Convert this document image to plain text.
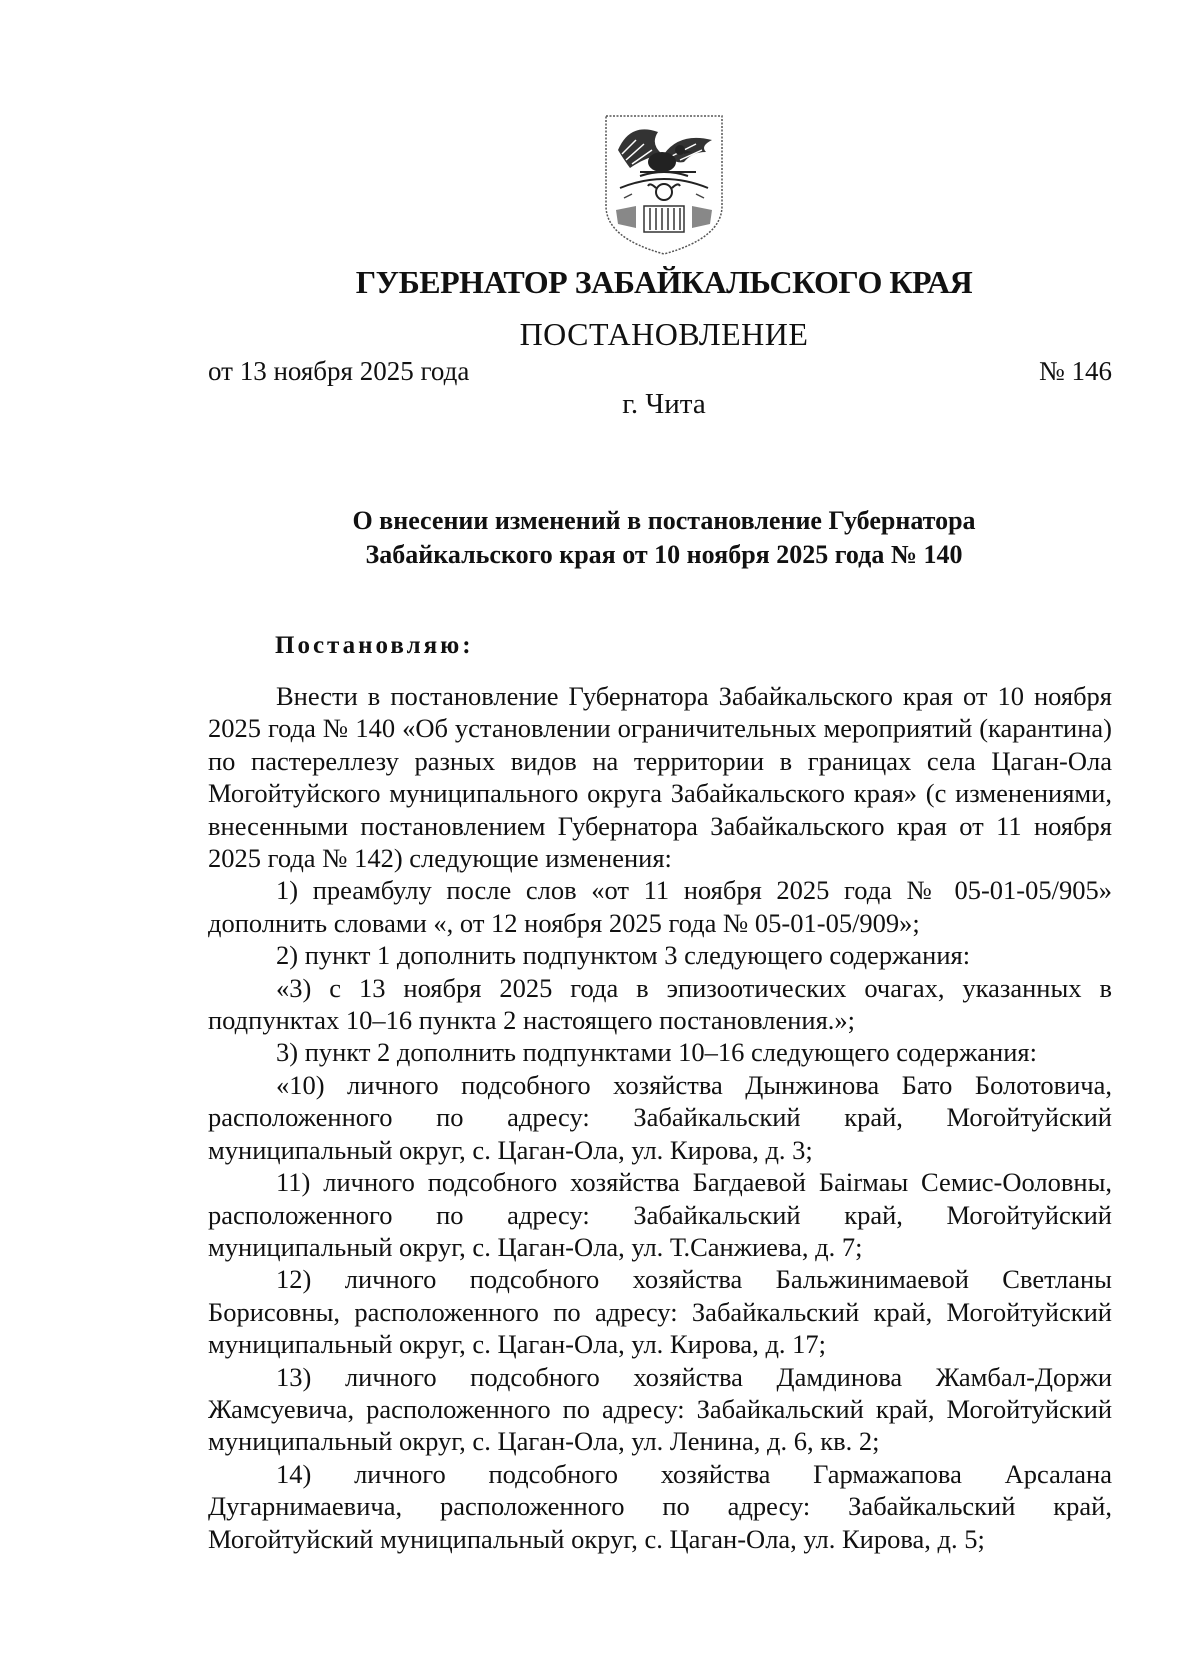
ГУБЕРНАТОР ЗАБАЙКАЛЬСКОГО КРАЯ
ПОСТАНОВЛЕНИЕ
от 13 ноября 2025 года	№ 146
г. Чита
О внесении изменений в постановление Губернатора
Забайкальского края от 10 ноября 2025 года № 140
Постановляю:

Внести в постановление Губернатора Забайкальского края от 10 ноября 2025 года № 140 «Об установлении ограничительных мероприятий (карантина) по пастереллезу разных видов на территории в границах села Цаган-Ола Могойтуйского муниципального округа Забайкальского края» (с изменениями, внесенными постановлением Губернатора Забайкальского края от 11 ноября 2025 года № 142) следующие изменения:

1) преамбулу после слов «от 11 ноября 2025 года № 05-01-05/905» дополнить словами «, от 12 ноября 2025 года № 05-01-05/909»;

2) пункт 1 дополнить подпунктом 3 следующего содержания:

«3) с 13 ноября 2025 года в эпизоотических очагах, указанных в подпунктах 10–16 пункта 2 настоящего постановления.»;

3) пункт 2 дополнить подпунктами 10–16 следующего содержания:

«10) личного подсобного хозяйства Дынжинова Бато Болотовича, расположенного по адресу: Забайкальский край, Могойтуйский муниципальный округ, с. Цаган-Ола, ул. Кирова, д. 3;

11) личного подсобного хозяйства Багдаевой Баirмаы Семис-Ооловны, расположенного по адресу: Забайкальский край, Могойтуйский муниципальный округ, с. Цаган-Ола, ул. Т.Санжиева, д. 7;

12) личного подсобного хозяйства Бальжинимаевой Светланы Борисовны, расположенного по адресу: Забайкальский край, Могойтуйский муниципальный округ, с. Цаган-Ола, ул. Кирова, д. 17;

13) личного подсобного хозяйства Дамдинова Жамбал-Доржи Жамсуевича, расположенного по адресу: Забайкальский край, Могойтуйский муниципальный округ, с. Цаган-Ола, ул. Ленина, д. 6, кв. 2;

14) личного подсобного хозяйства Гармажапова Арсалана Дугарнимаевича, расположенного по адресу: Забайкальский край, Могойтуйский муниципальный округ, с. Цаган-Ола, ул. Кирова, д. 5;
